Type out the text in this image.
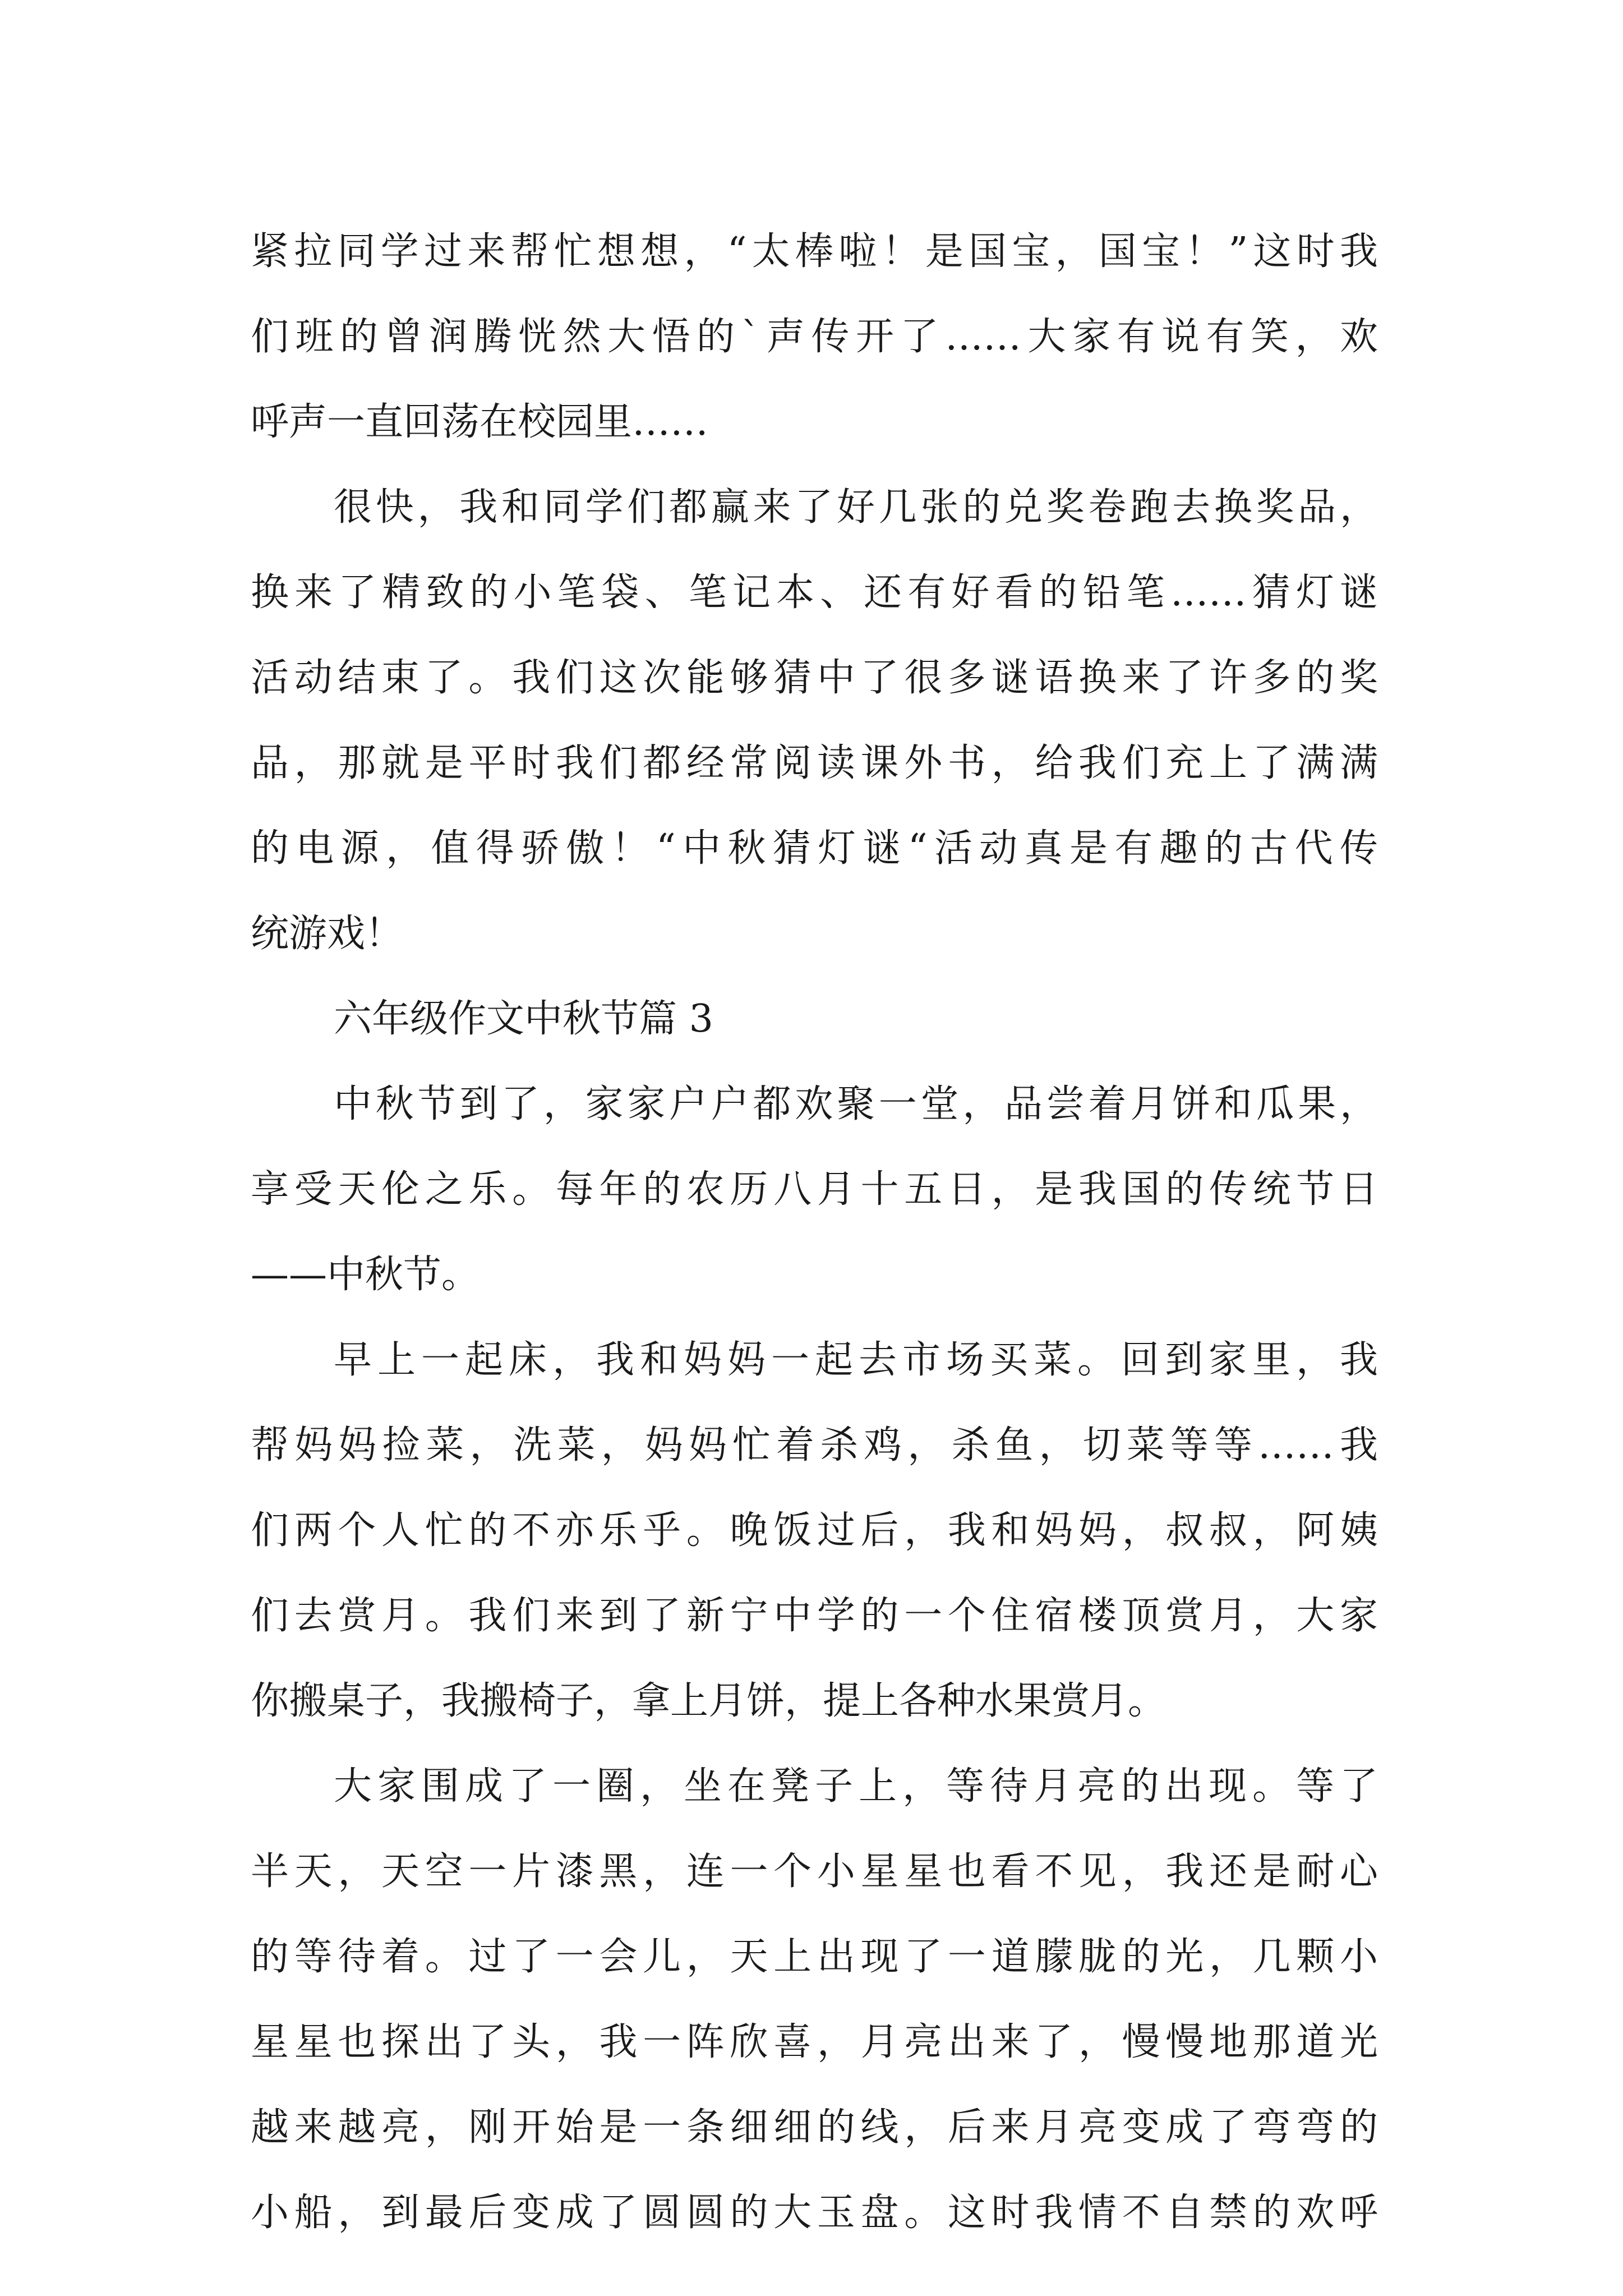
紧拉同学过来帮忙想想，“太棒啦！是国宝，国宝！”这时我
们班的曾润腾恍然大悟的`声传开了……大家有说有笑，欢
呼声一直回荡在校园里……
很快，我和同学们都赢来了好几张的兑奖卷跑去换奖品，
换来了精致的小笔袋、笔记本、还有好看的铅笔……猜灯谜
活动结束了。我们这次能够猜中了很多谜语换来了许多的奖
品，那就是平时我们都经常阅读课外书，给我们充上了满满
的电源，值得骄傲！“中秋猜灯谜“活动真是有趣的古代传
统游戏！
六年级作文中秋节篇 3
中秋节到了，家家户户都欢聚一堂，品尝着月饼和瓜果，
享受天伦之乐。每年的农历八月十五日，是我国的传统节日
——中秋节。
早上一起床，我和妈妈一起去市场买菜。回到家里，我
帮妈妈捡菜，洗菜，妈妈忙着杀鸡，杀鱼，切菜等等……我
们两个人忙的不亦乐乎。晚饭过后，我和妈妈，叔叔，阿姨
们去赏月。我们来到了新宁中学的一个住宿楼顶赏月，大家
你搬桌子，我搬椅子，拿上月饼，提上各种水果赏月。
大家围成了一圈，坐在凳子上，等待月亮的出现。等了
半天，天空一片漆黑，连一个小星星也看不见，我还是耐心
的等待着。过了一会儿，天上出现了一道朦胧的光，几颗小
星星也探出了头，我一阵欣喜，月亮出来了，慢慢地那道光
越来越亮，刚开始是一条细细的线，后来月亮变成了弯弯的
小船，到最后变成了圆圆的大玉盘。这时我情不自禁的欢呼
